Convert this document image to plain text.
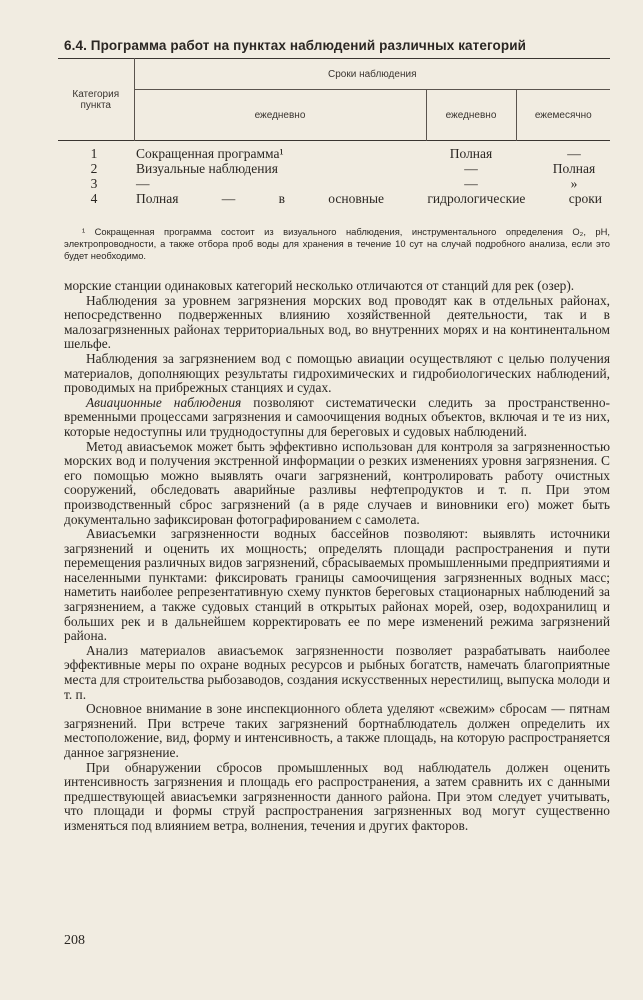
6.4. Программа работ на пунктах наблюдений различных категорий
Категория пункта	Сроки наблюдения		
	ежедневно	ежедневно	ежемесячно

1	Сокращенная программа¹	Полная	—
2	Визуальные наблюдения	—	Полная
3	—	—	»
4	Полная — в основные гидрологические сроки
¹ Сокращенная программа состоит из визуального наблюдения, инструментального определения O₂, pH, электропроводности, а также отбора проб воды для хранения в течение 10 сут на случай подробного анализа, если это будет необходимо.

морские станции одинаковых категорий несколько отличаются от станций для рек (озер).

Наблюдения за уровнем загрязнения морских вод проводят как в отдельных районах, непосредственно подверженных влиянию хозяйственной деятельности, так и в малозагрязненных районах территориальных вод, во внутренних морях и на континентальном шельфе.

Наблюдения за загрязнением вод с помощью авиации осуществляют с целью получения материалов, дополняющих результаты гидрохимических и гидробиологических наблюдений, проводимых на прибрежных станциях и судах.

Авиационные наблюдения позволяют систематически следить за пространственно-временными процессами загрязнения и самоочищения водных объектов, включая и те из них, которые недоступны или труднодоступны для береговых и судовых наблюдений.

Метод авиасъемок может быть эффективно использован для контроля за загрязненностью морских вод и получения экстренной информации о резких изменениях уровня загрязнения. С его помощью можно выявлять очаги загрязнений, контролировать работу очистных сооружений, обследовать аварийные разливы нефтепродуктов и т. п. При этом производственный сброс загрязнений (а в ряде случаев и виновники его) может быть документально зафиксирован фотографированием с самолета.

Авиасъемки загрязненности водных бассейнов позволяют: выявлять источники загрязнений и оценить их мощность; определять площади распространения и пути перемещения различных видов загрязнений, сбрасываемых промышленными предприятиями и населенными пунктами: фиксировать границы самоочищения загрязненных водных масс; наметить наиболее репрезентативную схему пунктов береговых стационарных наблюдений за загрязнением, а также судовых станций в открытых районах морей, озер, водохранилищ и больших рек и в дальнейшем корректировать ее по мере изменений режима загрязнений района.

Анализ материалов авиасъемок загрязненности позволяет разрабатывать наиболее эффективные меры по охране водных ресурсов и рыбных богатств, намечать благоприятные места для строительства рыбозаводов, создания искусственных нерестилищ, выпуска молоди и т. п.

Основное внимание в зоне инспекционного облета уделяют «свежим» сбросам — пятнам загрязнений. При встрече таких загрязнений бортнаблюдатель должен определить их местоположение, вид, форму и интенсивность, а также площадь, на которую распространяется данное загрязнение.

При обнаружении сбросов промышленных вод наблюдатель должен оценить интенсивность загрязнения и площадь его распространения, а затем сравнить их с данными предшествующей авиасъемки загрязненности данного района. При этом следует учитывать, что площади и формы струй распространения загрязненных вод могут существенно изменяться под влиянием ветра, волнения, течения и других факторов.

208
